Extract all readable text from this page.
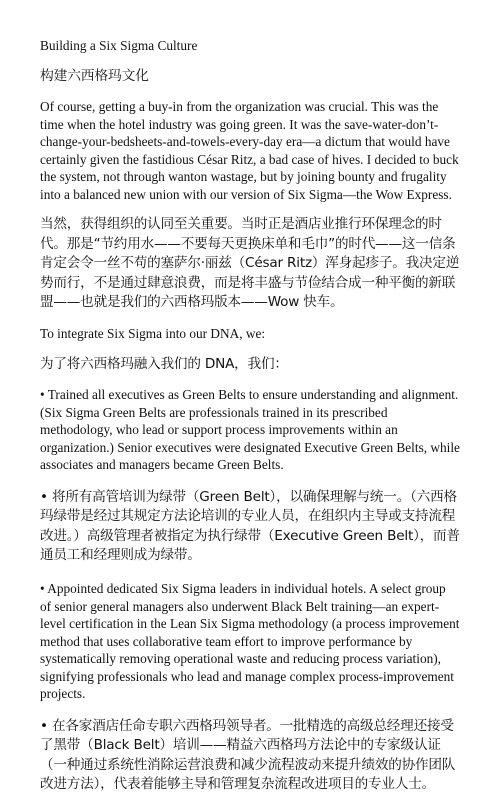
Building a Six Sigma Culture

构建六西格玛文化

Of course, getting a buy-in from the organization was crucial. This was the time when the hotel industry was going green. It was the save-water-don’t-change-your-bedsheets-and-towels-every-day era—a dictum that would have certainly given the fastidious César Ritz, a bad case of hives. I decided to buck the system, not through wanton wastage, but by joining bounty and frugality into a balanced new union with our version of Six Sigma—the Wow Express.

当然，获得组织的认同至关重要。当时正是酒店业推行环保理念的时代。那是“节约用水——不要每天更换床单和毛巾”的时代——这一信条肯定会令一丝不苟的塞萨尔·丽兹（César Ritz）浑身起疹子。我决定逆势而行，不是通过肆意浪费，而是将丰盛与节俭结合成一种平衡的新联盟——也就是我们的六西格玛版本——Wow 快车。

To integrate Six Sigma into our DNA, we:

为了将六西格玛融入我们的 DNA，我们：

• Trained all executives as Green Belts to ensure understanding and alignment. (Six Sigma Green Belts are professionals trained in its prescribed methodology, who lead or support process improvements within an organization.) Senior executives were designated Executive Green Belts, while associates and managers became Green Belts.

• 将所有高管培训为绿带（Green Belt），以确保理解与统一。（六西格玛绿带是经过其规定方法论培训的专业人员，在组织内主导或支持流程改进。）高级管理者被指定为执行绿带（Executive Green Belt），而普通员工和经理则成为绿带。

• Appointed dedicated Six Sigma leaders in individual hotels. A select group of senior general managers also underwent Black Belt training—an expert-level certification in the Lean Six Sigma methodology (a process improvement method that uses collaborative team effort to improve performance by systematically removing operational waste and reducing process variation), signifying professionals who lead and manage complex process-improvement projects.

• 在各家酒店任命专职六西格玛领导者。一批精选的高级总经理还接受了黑带（Black Belt）培训——精益六西格玛方法论中的专家级认证（一种通过系统性消除运营浪费和减少流程波动来提升绩效的协作团队改进方法），代表着能够主导和管理复杂流程改进项目的专业人士。
